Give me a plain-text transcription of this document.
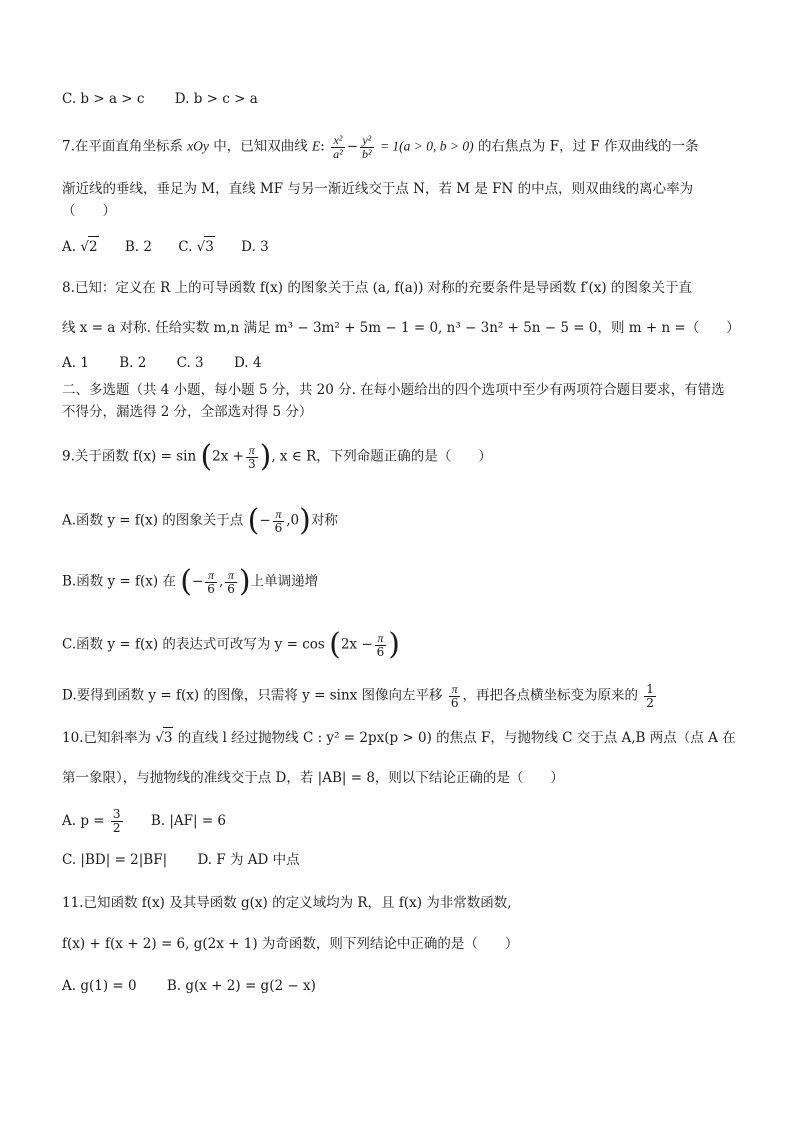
C. b > a > c D. b > c > a
7.在平面直角坐标系 xOy 中，已知双曲线 E: $\frac{\text{x²}}{\text{a²}} - \frac{\text{y²}}{\text{b²}} = 1(a > 0$, b > 0) 的右焦点为 F，过 F 作双曲线的一条
渐近线的垂线，垂足为 M，直线 MF 与另一渐近线交于点 N，若 M 是 FN 的中点，则双曲线的离心率为
（　　）
A. √2 B. 2 C. √3 D. 3
8.已知：定义在 R 上的可导函数 f(x) 的图象关于点 (a, f(a)) 对称的充要条件是导函数 f′(x) 的图象关于直
线 x = a 对称. 任给实数 m,n 满足 m³ − 3m² + 5m − 1 = 0, n³ − 3n² + 5n − 5 = 0，则 m + n =（　　）
A. 1 B. 2 C. 3 D. 4
二、多选题（共 4 小题，每小题 5 分，共 20 分. 在每小题给出的四个选项中至少有两项符合题目要求，有错选
不得分，漏选得 2 分，全部选对得 5 分）
9.关于函数 $f(x) = \sin (2x + \frac{\pi}{3}$ ), x ∈ R，下列命题正确的是（　　）
A.函数 y = f(x) 的图象关于点 (− $\frac{\pi}{6} ,0$)对称
B.函数 y = f(x) 在 (− $\frac{\pi}{6}$ , $\frac{\pi}{6}$ )上单调递增
C.函数 y = f(x) 的表达式可改写为 $y = \cos (2x - \frac{\pi}{6}$ )
D.要得到函数 y = f(x) 的图像，只需将 y = sinx 图像向左平移 $\frac{\pi}{6}$ ，再把各点横坐标变为原来的 $\frac{1}{2}$
10.已知斜率为 √3 的直线 l 经过抛物线 C : y² = 2px(p > 0) 的焦点 F，与抛物线 C 交于点 A,B 两点（点 A 在
第一象限），与抛物线的准线交于点 D，若 |AB| = 8，则以下结论正确的是（　　）
A. $p = \frac{3}{2} B$. |AF| = 6
C. |BD| = 2|BF| D. F 为 AD 中点
11.已知函数 f(x) 及其导函数 g(x) 的定义域均为 R，且 f(x) 为非常数函数,
f(x) + f(x + 2) = 6, g(2x + 1) 为奇函数，则下列结论中正确的是（　　）
A. g(1) = 0 B. g(x + 2) = g(2 − x)
